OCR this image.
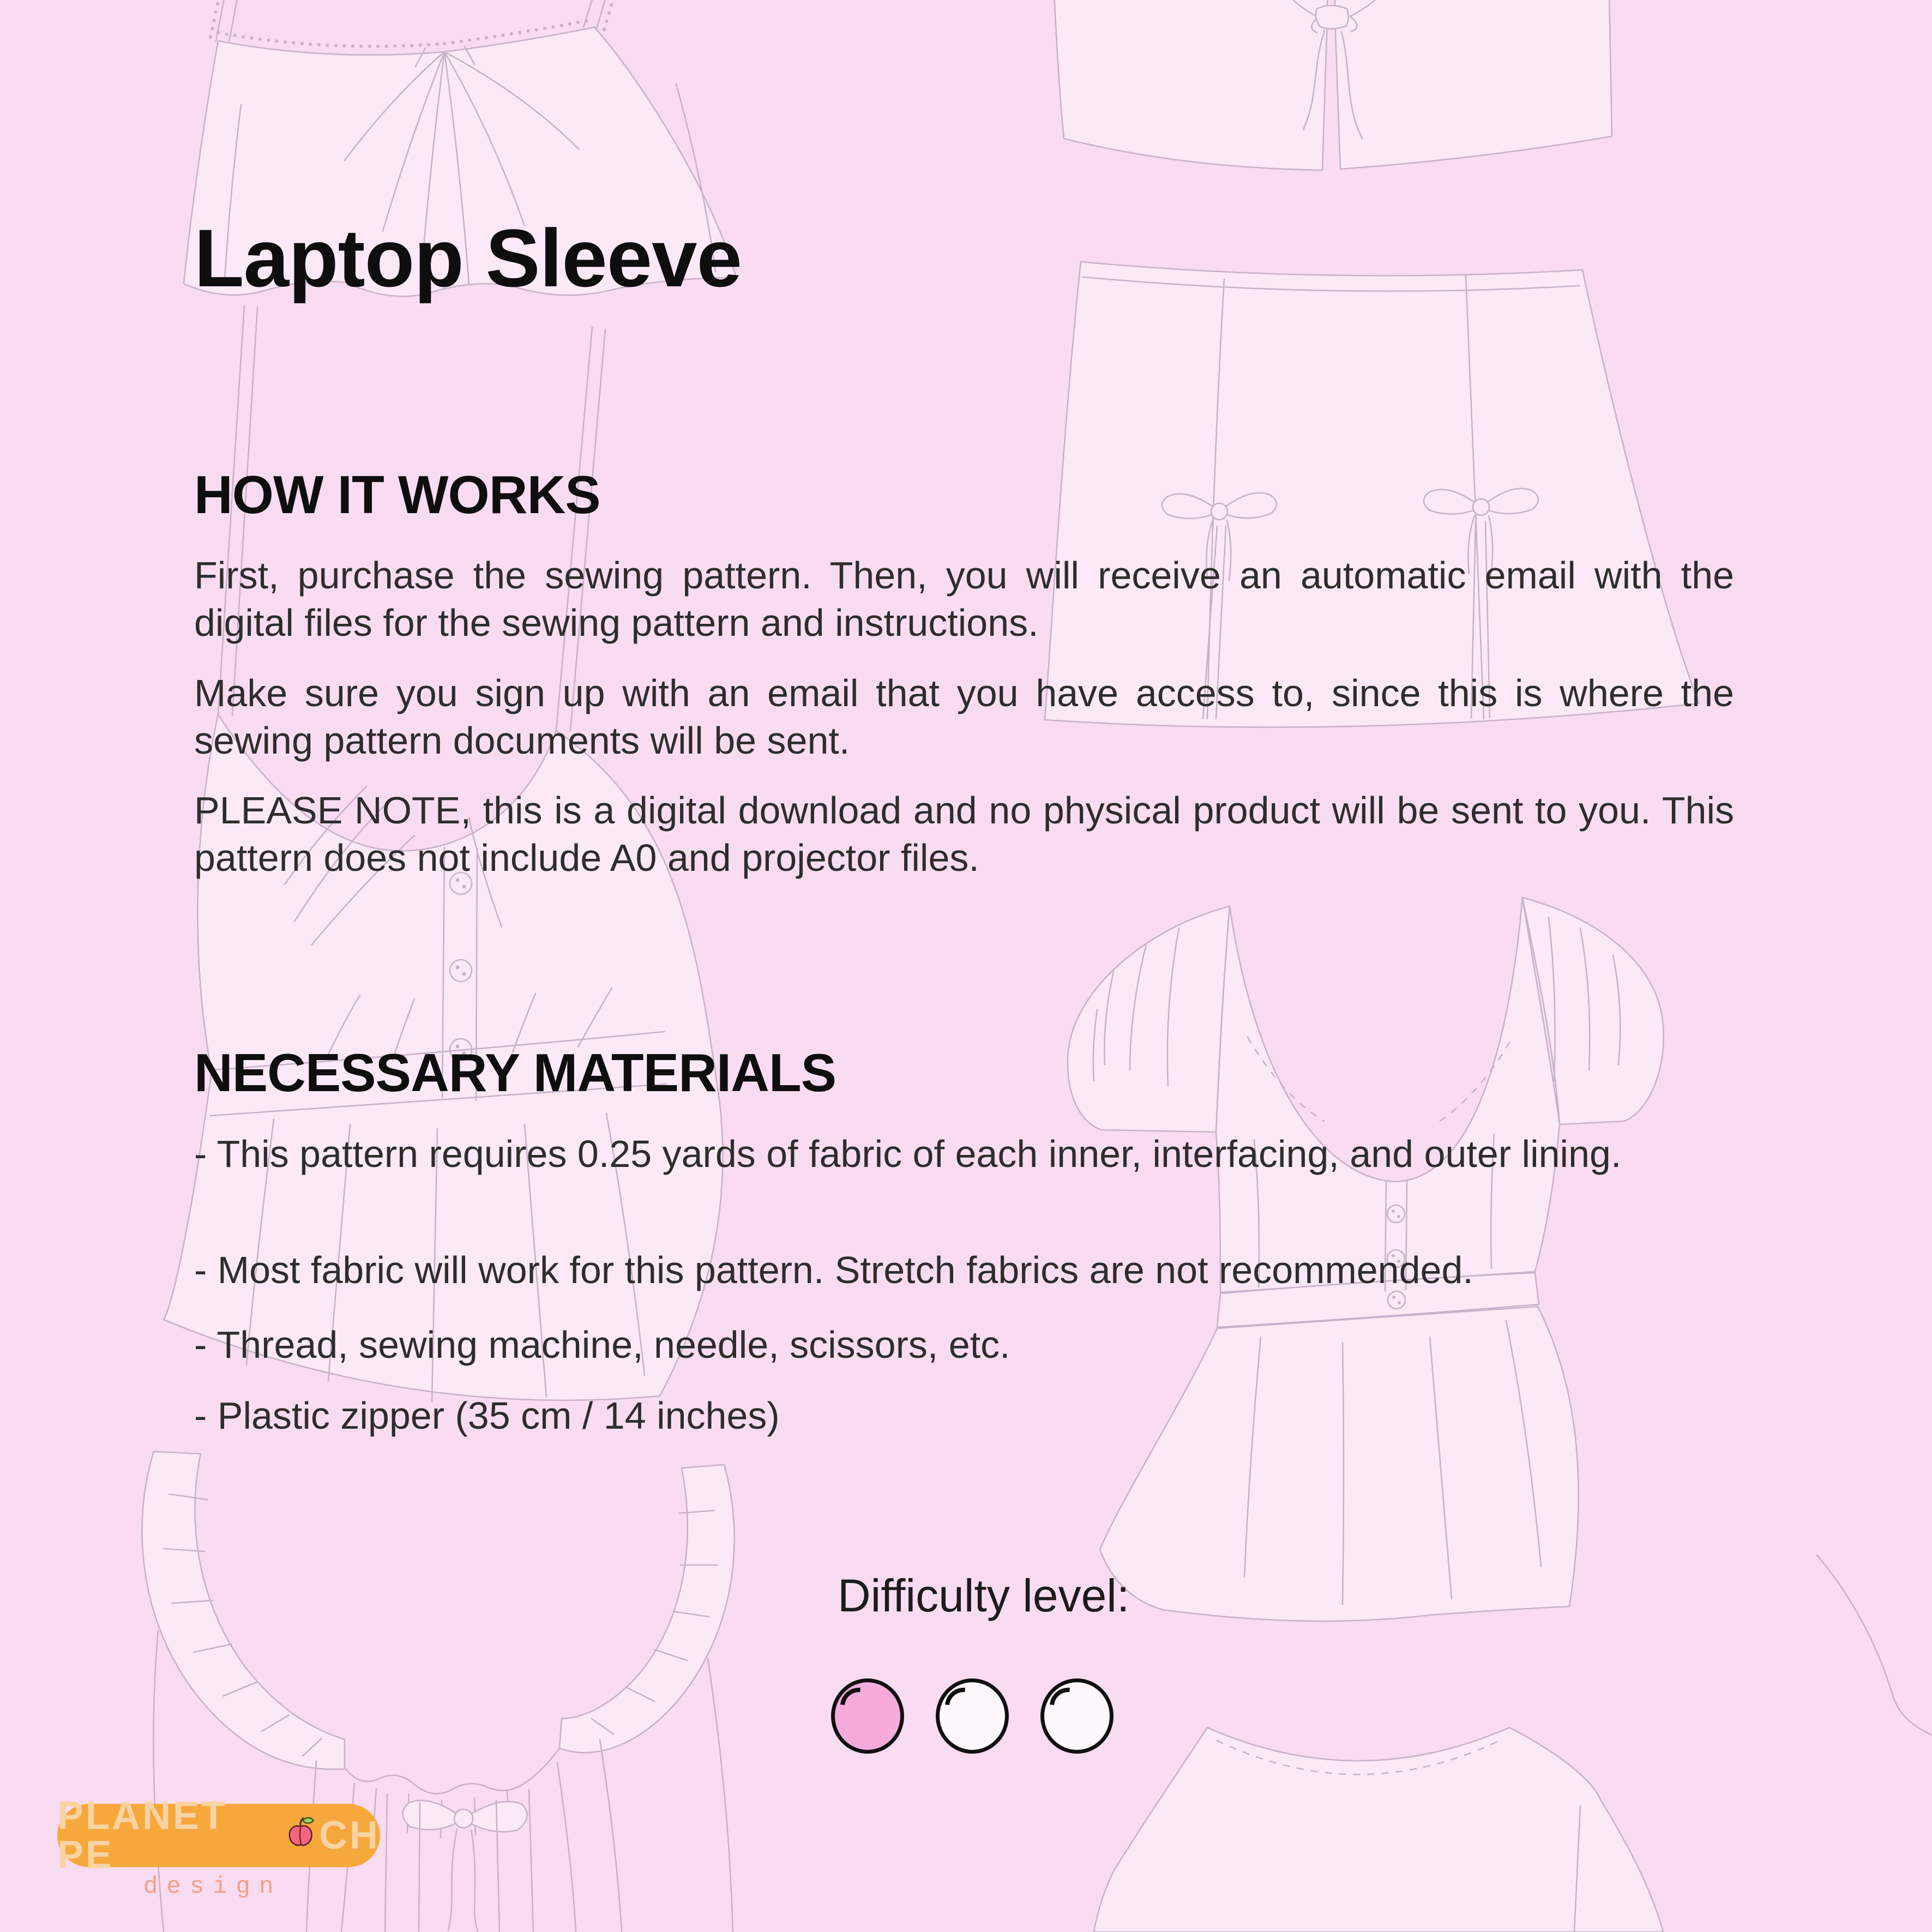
Laptop Sleeve
HOW IT WORKS

First, purchase the sewing pattern. Then, you will receive an automatic email with the digital files for the sewing pattern and instructions.

Make sure you sign up with an email that you have access to, since this is where the sewing pattern documents will be sent.

PLEASE NOTE, this is a digital download and no physical product will be sent to you. This pattern does not include A0 and projector files.

NECESSARY MATERIALS

- This pattern requires 0.25 yards of fabric of each inner, interfacing, and outer lining.

- Most fabric will work for this pattern. Stretch fabrics are not recommended.

- Thread, sewing machine, needle, scissors, etc.

- Plastic zipper (35 cm / 14 inches)

Difficulty level:
PLANET PE	CH
design
